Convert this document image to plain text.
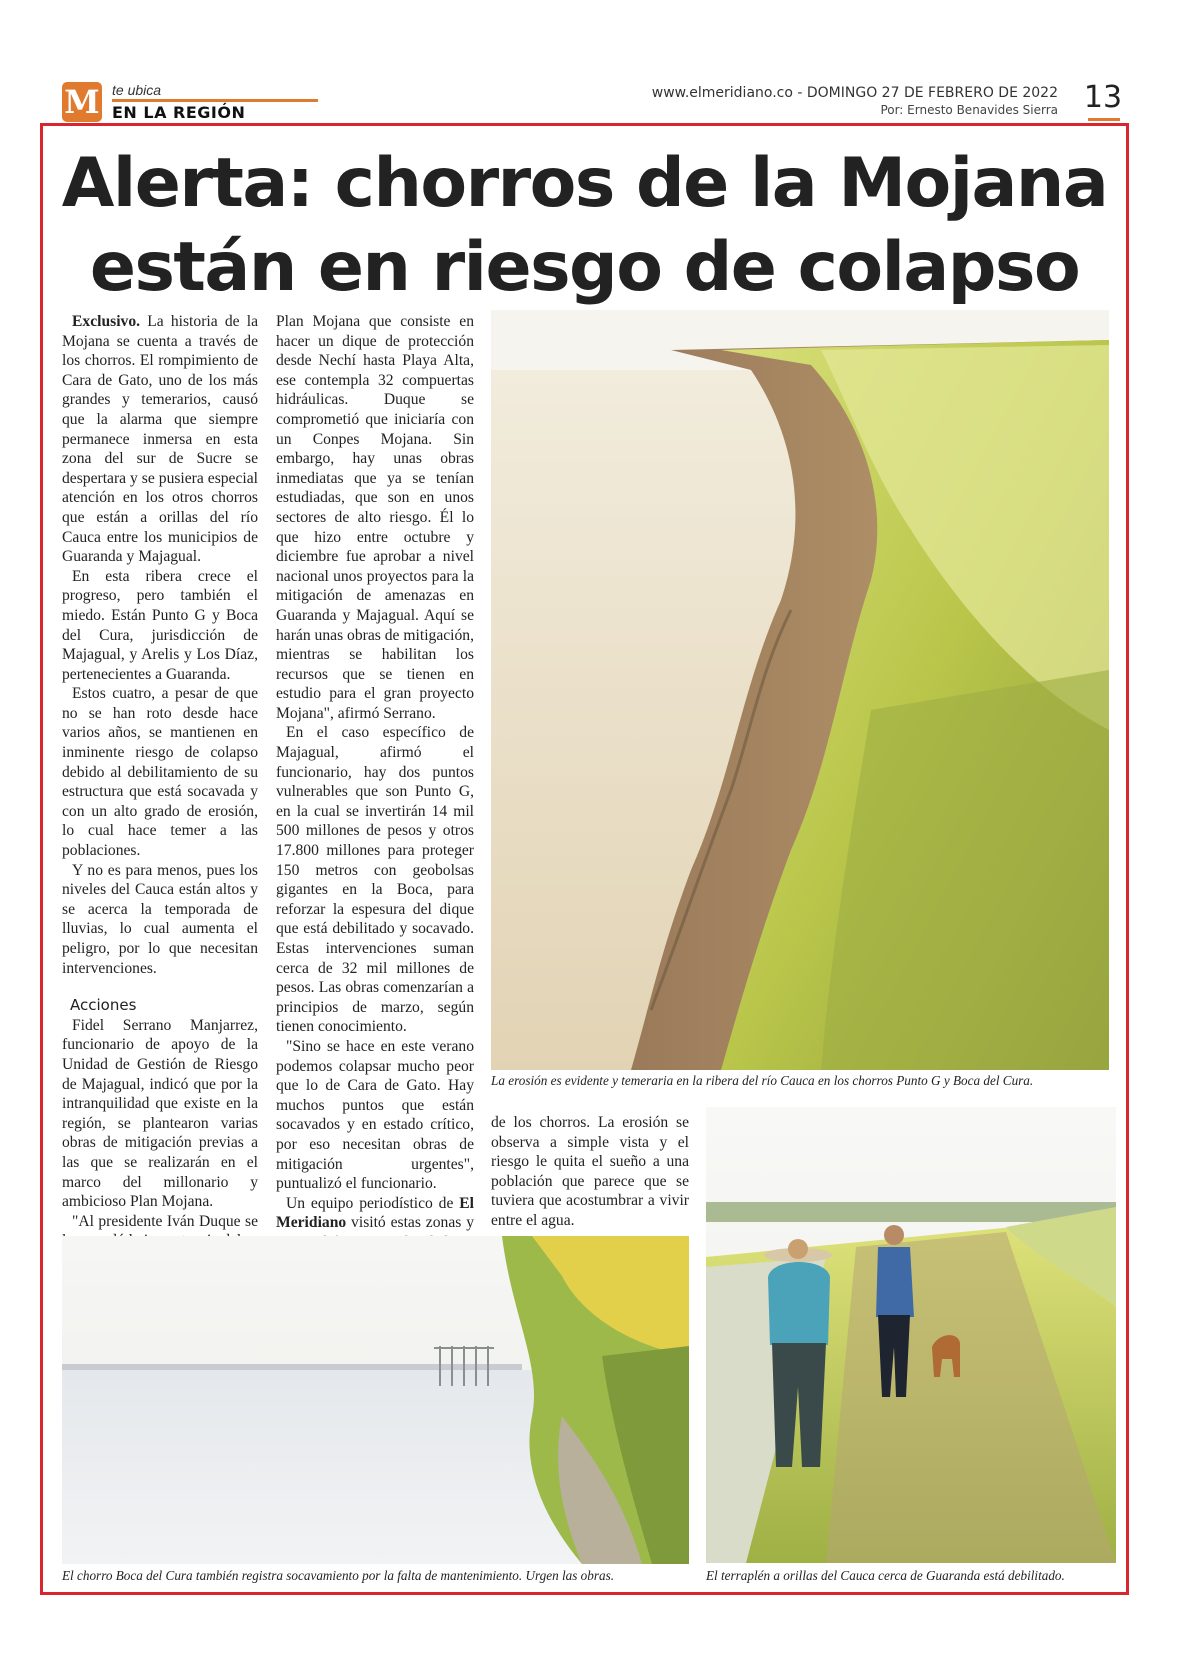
M te ubica
EN LA REGIÓN
www.elmeridiano.co - DOMINGO 27 DE FEBRERO DE 2022
Por: Ernesto Benavides Sierra 13
Alerta: chorros de la Mojana
están en riesgo de colapso

Exclusivo. La historia de la Mojana se cuenta a través de los chorros. El rompimiento de Cara de Gato, uno de los más grandes y temerarios, causó que la alarma que siempre permanece inmersa en esta zona del sur de Sucre se despertara y se pusiera especial atención en los otros chorros que están a orillas del río Cauca entre los municipios de Guaranda y Majagual.

En esta ribera crece el progreso, pero también el miedo. Están Punto G y Boca del Cura, jurisdicción de Majagual, y Arelis y Los Díaz, pertenecientes a Guaranda.

Estos cuatro, a pesar de que no se han roto desde hace varios años, se mantienen en inminente riesgo de colapso debido al debilitamiento de su estructura que está socavada y con un alto grado de erosión, lo cual hace temer a las poblaciones.

Y no es para menos, pues los niveles del Cauca están altos y se acerca la temporada de lluvias, lo cual aumenta el peligro, por lo que necesitan intervenciones.

Acciones

Fidel Serrano Manjarrez, funcionario de apoyo de la Unidad de Gestión de Riesgo de Majagual, indicó que por la intranquilidad que existe en la región, se plantearon varias obras de mitigación previas a las que se realizarán en el marco del millonario y ambicioso Plan Mojana.

"Al presidente Iván Duque se

Plan Mojana que consiste en hacer un dique de protección desde Nechí hasta Playa Alta, ese contempla 32 compuertas hidráulicas. Duque se comprometió que iniciaría con un Conpes Mojana. Sin embargo, hay unas obras inmediatas que ya se tenían estudiadas, que son en unos sectores de alto riesgo. Él lo que hizo entre octubre y diciembre fue aprobar a nivel nacional unos proyectos para la mitigación de amenazas en Guaranda y Majagual. Aquí se harán unas obras de mitigación, mientras se habilitan los recursos que se tienen en estudio para el gran proyecto Mojana", afirmó Serrano.

En el caso específico de Majagual, afirmó el funcionario, hay dos puntos vulnerables que son Punto G, en la cual se invertirán 14 mil 500 millones de pesos y otros 17.800 millones para proteger 150 metros con geobolsas gigantes en la Boca, para reforzar la espesura del dique que está debilitado y socavado. Estas intervenciones suman cerca de 32 mil millones de pesos. Las obras comenzarían a principios de marzo, según tienen conocimiento.

"Sino se hace en este verano podemos colapsar mucho peor que lo de Cara de Gato. Hay muchos puntos que están socavados y en estado crítico, por eso necesitan obras de mitigación urgentes", puntualizó el funcionario.

Un equipo periodístico de El Meridiano visitó estas zonas y

de los chorros. La erosión se observa a simple vista y el riesgo le quita el sueño a una población que parece que se tuviera que acostumbrar a vivir entre el agua.

La erosión es evidente y temeraria en la ribera del río Cauca en los chorros Punto G y Boca del Cura.
El chorro Boca del Cura también registra socavamiento por la falta de mantenimiento. Urgen las obras.	El terraplén a orillas del Cauca cerca de Guaranda está debilitado.
